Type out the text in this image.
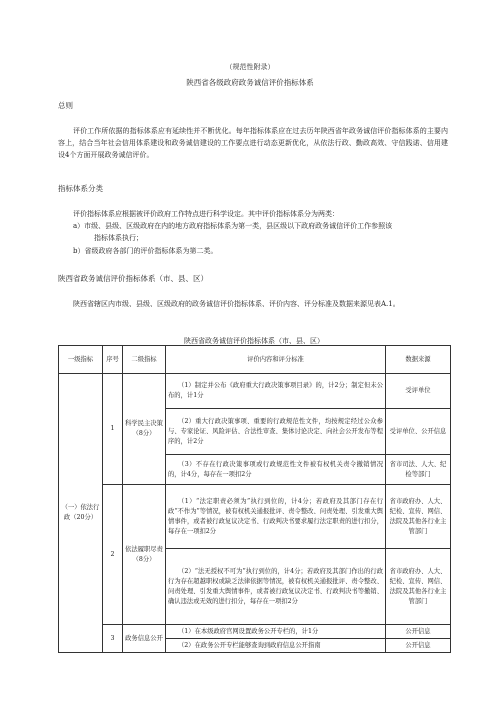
（规范性附录）
陕西省各级政府政务诚信评价指标体系
总则
评价工作所依据的指标体系应有延续性并不断优化。每年指标体系应在过去历年陕西省年政务诚信评价指标体系的主要内容上，结合当年社会信用体系建设和政务诚信建设的工作要点进行动态更新优化，从依法行政、勤政高效、守信践诺、信用建设4个方面开展政务诚信评价。
指标体系分类
评价指标体系应根据被评价政府工作特点进行科学设定。其中评价指标体系分为两类：
a）市级、县级、区级政府在内的地方政府指标体系为第一类，县区级以下政府政务诚信评价工作参照该
指标体系执行；
b）省级政府各部门的评价指标体系为第二类。
陕西省政务诚信评价指标体系（市、县、区）
陕西省辖区内市级、县级、区级政府的政务诚信评价指标体系、评价内容、评分标准及数据来源见表A.1。
陕西省政务诚信评价指标体系（市、县、区）
一级指标	序号	二级指标	评价内容和评分标准	数据来源
（一）依法行政（20分）	1	科学民主决策（8分）	（1）制定并公布《政府重大行政决策事项目录》的，计2分；制定但未公布的，计1分	受评单位
			（2）重大行政决策事项、重要的行政规范性文件，均按规定经过公众参与、专家论证、风险评估、合法性审查、集体讨论决定、向社会公开发布等程序的，计2分	受评单位、公开信息
			（3）不存在行政决策事项或行政规范性文件被有权机关责令撤销情况的，计4分，每存在一项扣2分	省市司法、人大、纪检等部门
	2	依法履职尽责（8分）	（1）“法定职责必须为”执行到位的，计4分；若政府及其部门存在行政“不作为”等情况，被有权机关通报批评、责令整改、问责处理、引发重大舆情事件，或者被行政复议决定书、行政判决书要求履行法定职责的进行扣分，每存在一项扣2分	省市政府办、人大、纪检、宣传、网信、法院及其他各行业主管部门
			（2）“法无授权不可为”执行到位的，计4分；若政府及其部门作出的行政行为存在超越职权或缺乏法律依据等情况，被有权机关通报批评、责令整改、问责处理、引发重大舆情事件，或者被行政复议决定书、行政判决书等撤销、确认违法或无效的进行扣分，每存在一项扣2分	省市政府办、人大、纪检、宣传、网信、法院及其他各行业主管部门
	3	政务信息公开	（1）在本级政府官网设置政务公开专栏的，计1分	公开信息
			（2）在政务公开专栏能够查询到政府信息公开指南	公开信息
